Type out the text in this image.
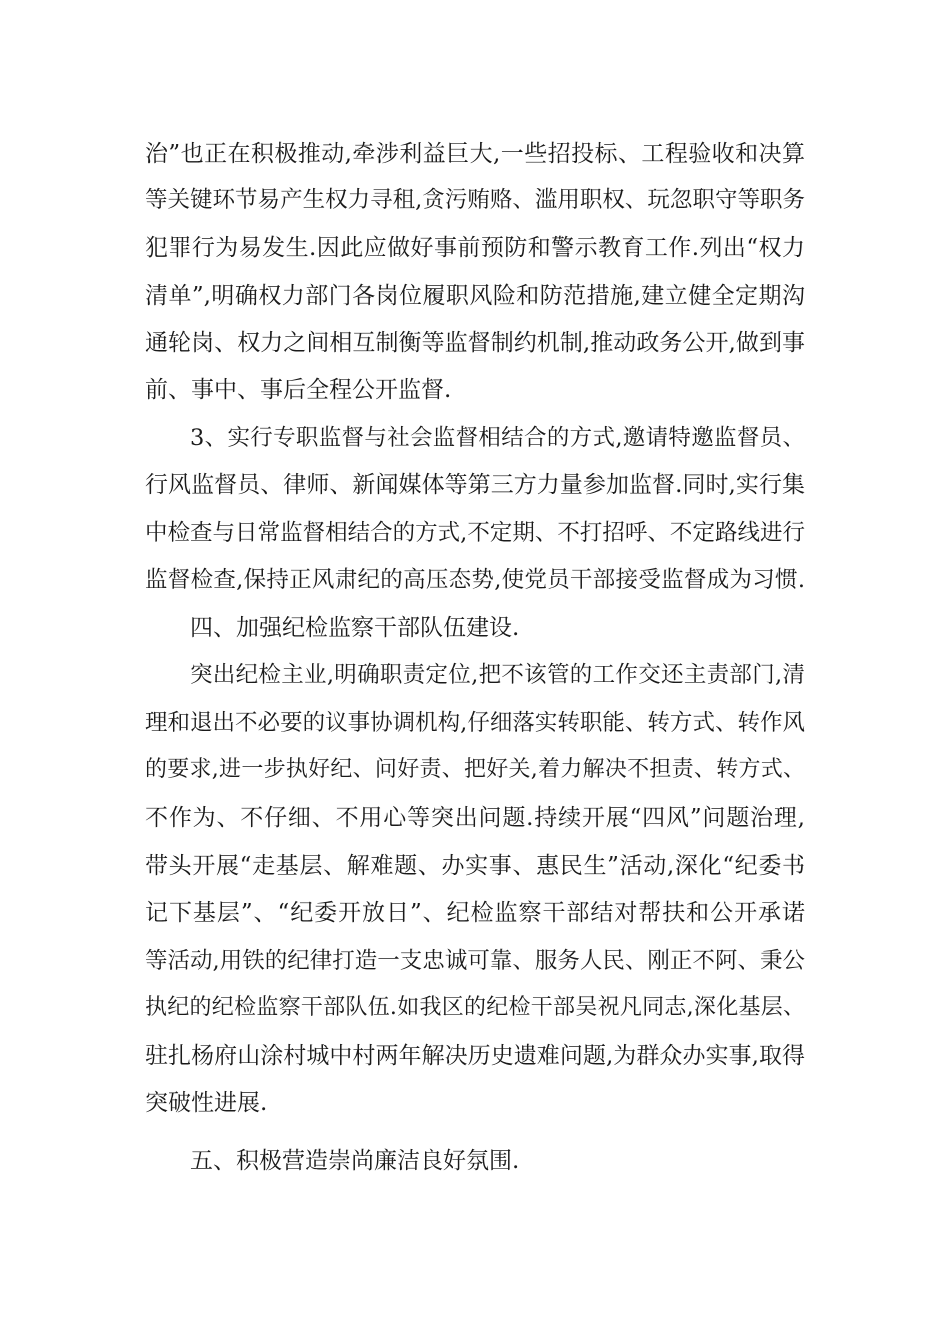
治”也正在积极推动,牵涉利益巨大,一些招投标、工程验收和决算
等关键环节易产生权力寻租,贪污贿赂、滥用职权、玩忽职守等职务
犯罪行为易发生.因此应做好事前预防和警示教育工作.列出“权力
清单”,明确权力部门各岗位履职风险和防范措施,建立健全定期沟
通轮岗、权力之间相互制衡等监督制约机制,推动政务公开,做到事
前、事中、事后全程公开监督.
3、实行专职监督与社会监督相结合的方式,邀请特邀监督员、
行风监督员、律师、新闻媒体等第三方力量参加监督.同时,实行集
中检查与日常监督相结合的方式,不定期、不打招呼、不定路线进行
监督检查,保持正风肃纪的高压态势,使党员干部接受监督成为习惯.
四、加强纪检监察干部队伍建设.
突出纪检主业,明确职责定位,把不该管的工作交还主责部门,清
理和退出不必要的议事协调机构,仔细落实转职能、转方式、转作风
的要求,进一步执好纪、问好责、把好关,着力解决不担责、转方式、
不作为、不仔细、不用心等突出问题.持续开展“四风”问题治理,
带头开展“走基层、解难题、办实事、惠民生”活动,深化“纪委书
记下基层”、“纪委开放日”、纪检监察干部结对帮扶和公开承诺
等活动,用铁的纪律打造一支忠诚可靠、服务人民、刚正不阿、秉公
执纪的纪检监察干部队伍.如我区的纪检干部吴祝凡同志,深化基层、
驻扎杨府山涂村城中村两年解决历史遗难问题,为群众办实事,取得
突破性进展.
五、积极营造崇尚廉洁良好氛围.
